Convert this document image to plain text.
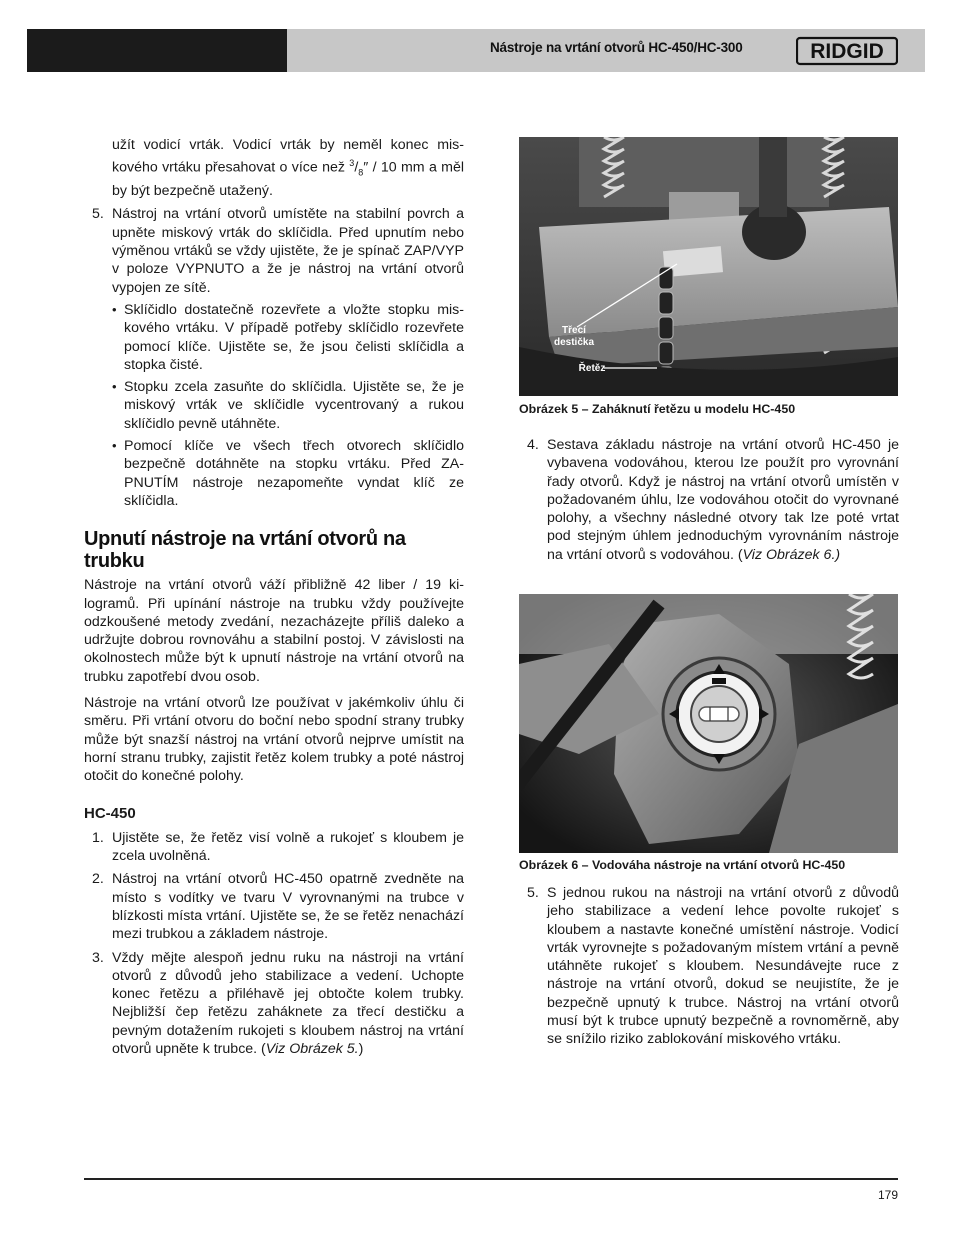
Nástroje na vrtání otvorů HC-450/HC-300	RIDGID

užít vodicí vrták. Vodicí vrták by neměl konec miskového vrtáku přesahovat o více než $^3/_8'' / 10$ mm a měl by být bezpečně utažený.

5. Nástroj na vrtání otvorů umístěte na stabilní povrch a upněte miskový vrták do sklíčidla. Před upnutím nebo výměnou vrtáků se vždy ujistěte, že je spínač ZAP/VYP v poloze VYPNUTO a že je nástroj na vrtání otvorů vypojen ze sítě.
• Sklíčidlo dostatečně rozevřete a vložte stopku miskového vrtáku. V případě potřeby sklíčidlo rozevřete pomocí klíče. Ujistěte se, že jsou čelisti sklíčidla a stopka čisté.
• Stopku zcela zasuňte do sklíčidla. Ujistěte se, že je miskový vrták ve sklíčidle vycentrovaný a rukou sklíčidlo pevně utáhněte.
• Pomocí klíče ve všech třech otvorech sklíčidlo bezpečně dotáhněte na stopku vrtáku. Před ZAPNUTÍM nástroje nezapomeňte vyndat klíč ze sklíčidla.
Upnutí nástroje na vrtání otvorů na trubku

Nástroje na vrtání otvorů váží přibližně 42 liber / 19 kilogramů. Při upínání nástroje na trubku vždy používejte odzkoušené metody zvedání, nezacházejte příliš daleko a udržujte dobrou rovnováhu a stabilní postoj. V závislosti na okolnostech může být k upnutí nástroje na vrtání otvorů na trubku zapotřebí dvou osob.

Nástroje na vrtání otvorů lze používat v jakémkoliv úhlu či směru. Při vrtání otvoru do boční nebo spodní strany trubky může být snazší nástroj na vrtání otvorů nejprve umístit na horní stranu trubky, zajistit řetěz kolem trubky a poté nástroj otočit do konečné polohy.

HC-450
1. Ujistěte se, že řetěz visí volně a rukojeť s kloubem je zcela uvolněná.
2. Nástroj na vrtání otvorů HC-450 opatrně zvedněte na místo s vodítky ve tvaru V vyrovnanými na trubce v blízkosti místa vrtání. Ujistěte se, že se řetěz nenachází mezi trubkou a základem nástroje.
3. Vždy mějte alespoň jednu ruku na nástroji na vrtání otvorů z důvodů jeho stabilizace a vedení. Uchopte konec řetězu a přiléhavě jej obtočte kolem trubky. Nejbližší čep řetězu zaháknete za třecí destičku a pevným dotažením rukojeti s kloubem nástroj na vrtání otvorů upněte k trubce. (Viz Obrázek 5.)
Třecí
destička
Řetěz
Obrázek 5 – Zaháknutí řetězu u modelu HC-450
4. Sestava základu nástroje na vrtání otvorů HC-450 je vybavena vodováhou, kterou lze použít pro vyrovnání řady otvorů. Když je nástroj na vrtání otvorů umístěn v požadovaném úhlu, lze vodováhou otočit do vyrovnané polohy, a všechny následné otvory tak lze poté vrtat pod stejným úhlem jednoduchým vyrovnáním nástroje na vrtání otvorů s vodováhou. (Viz Obrázek 6.)
Obrázek 6 – Vodováha nástroje na vrtání otvorů HC-450
5. S jednou rukou na nástroji na vrtání otvorů z důvodů jeho stabilizace a vedení lehce povolte rukojeť s kloubem a nastavte konečné umístění nástroje. Vodicí vrták vyrovnejte s požadovaným místem vrtání a pevně utáhněte rukojeť s kloubem. Nesundávejte ruce z nástroje na vrtání otvorů, dokud se neujistíte, že je bezpečně upnutý k trubce. Nástroj na vrtání otvorů musí být k trubce upnutý bezpečně a rovnoměrně, aby se snížilo riziko zablokování miskového vrtáku.
179
